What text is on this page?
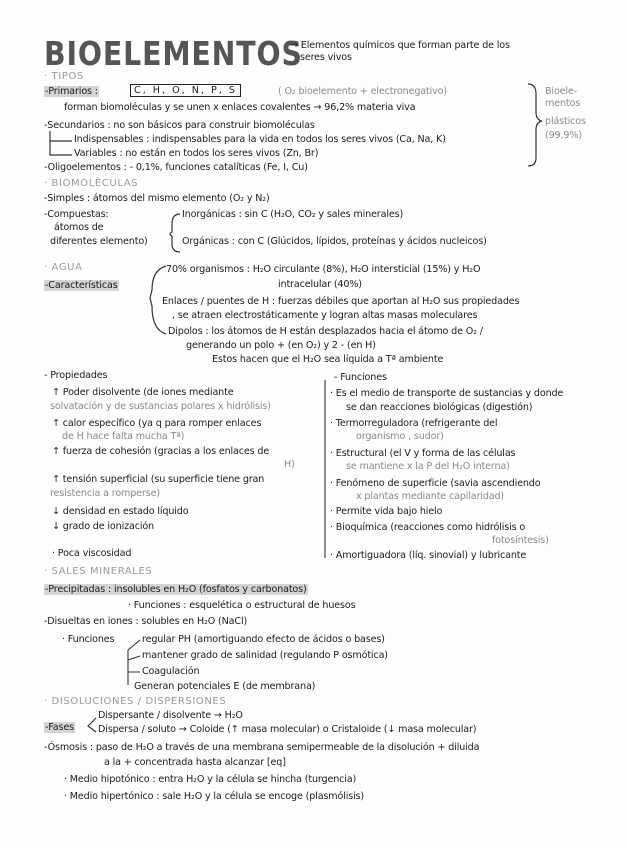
BIOELEMENTOS
→ Elementos químicos que forman parte de los
seres vivos
· TIPOS
-Primarios :	C, H, O, N, P, S	( O₂ bioelemento + electronegativo)
forman biomoléculas y se unen x enlaces covalentes → 96,2% materia viva
-Secundarios : no son básicos para construir biomoléculas
Indispensables : indispensables para la vida en todos los seres vivos (Ca, Na, K)
Variables : no están en todos los seres vivos (Zn, Br)
-Oligoelementos : - 0,1%, funciones catalíticas (Fe, I, Cu)
Bioele-
mentos
plásticos
(99,9%)
· BIOMOLÉCULAS
-Simples : átomos del mismo elemento (O₂ y N₂)
-Compuestas:
átomos de
diferentes elemento)
Inorgánicas : sin C (H₂O, CO₂ y sales minerales)
Orgánicas : con C (Glúcidos, lípidos, proteínas y ácidos nucleicos)
· AGUA
-Características
70% organismos : H₂O circulante (8%), H₂O intersticial (15%) y H₂O
intracelular (40%)
Enlaces / puentes de H : fuerzas débiles que aportan al H₂O sus propiedades
, se atraen electrostáticamente y logran altas masas moleculares
Dipolos : los átomos de H están desplazados hacia el átomo de O₂ /
generando un polo + (en O₂) y 2 - (en H)
Estos hacen que el H₂O sea líquida a Tª ambiente
- Propiedades
↑ Poder disolvente (de iones mediante
solvatación y de sustancias polares x hidrólisis)
↑ calor específico (ya q para romper enlaces
de H hace falta mucha Tª)
↑ fuerza de cohesión (gracias a los enlaces de
H)
↑ tensión superficial (su superficie tiene gran
resistencia a romperse)
↓ densidad en estado líquido
↓ grado de ionización
· Poca viscosidad
- Funciones
· Es el medio de transporte de sustancias y donde
se dan reacciones biológicas (digestión)
· Termorreguladora (refrigerante del
organismo , sudor)
· Estructural (el V y forma de las células
se mantiene x la P del H₂O interna)
· Fenómeno de superficie (savia ascendiendo
x plantas mediante capilaridad)
· Permite vida bajo hielo
· Bioquímica (reacciones como hidrólisis o
fotosíntesis)
· Amortiguadora (líq. sinovial) y lubricante
· SALES MINERALES
-Precipitadas : insolubles en H₂O (fosfatos y carbonatos)
· Funciones : esquelética o estructural de huesos
-Disueltas en iones : solubles en H₂O (NaCl)
· Funciones	regular PH (amortiguando efecto de ácidos o bases)
mantener grado de salinidad (regulando P osmótica)
Coagulación
Generan potenciales E (de membrana)
· DISOLUCIONES / DISPERSIONES
-Fases
Dispersante / disolvente → H₂O
Dispersa / soluto → Coloide (↑ masa molecular) o Cristaloide (↓ masa molecular)
-Ósmosis : paso de H₂O a través de una membrana semipermeable de la disolución + diluida
a la + concentrada hasta alcanzar [eq]
· Medio hipotónico : entra H₂O y la célula se hincha (turgencia)
· Medio hipertónico : sale H₂O y la célula se encoge (plasmólisis)
